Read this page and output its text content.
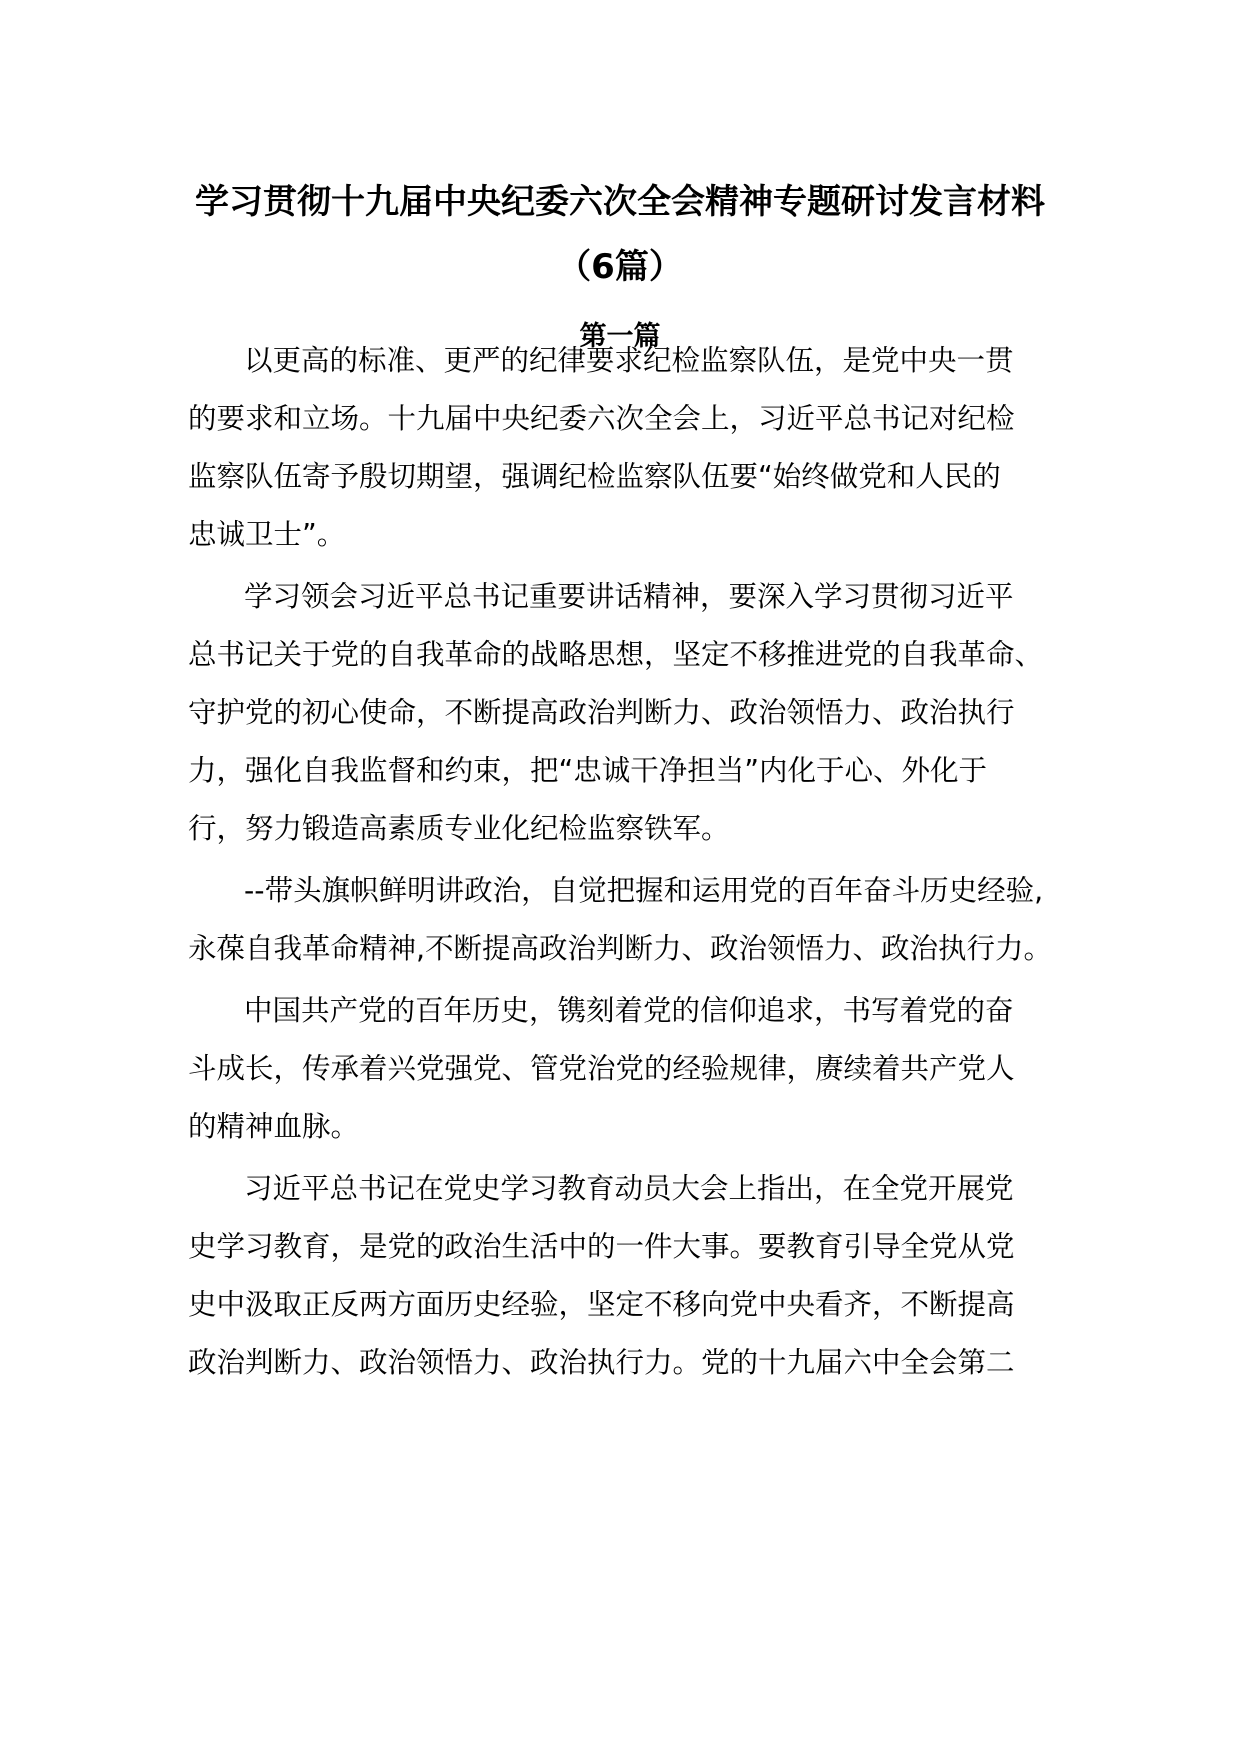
学习贯彻十九届中央纪委六次全会精神专题研讨发言材料
（6篇）
第一篇
以更高的标准、更严的纪律要求纪检监察队伍，是党中央一贯
的要求和立场。十九届中央纪委六次全会上，习近平总书记对纪检
监察队伍寄予殷切期望，强调纪检监察队伍要“始终做党和人民的
忠诚卫士”。
学习领会习近平总书记重要讲话精神，要深入学习贯彻习近平
总书记关于党的自我革命的战略思想，坚定不移推进党的自我革命、
守护党的初心使命，不断提高政治判断力、政治领悟力、政治执行
力，强化自我监督和约束，把“忠诚干净担当”内化于心、外化于
行，努力锻造高素质专业化纪检监察铁军。
--带头旗帜鲜明讲政治，自觉把握和运用党的百年奋斗历史经验,
永葆自我革命精神,不断提高政治判断力、政治领悟力、政治执行力。
中国共产党的百年历史，镌刻着党的信仰追求，书写着党的奋
斗成长，传承着兴党强党、管党治党的经验规律，赓续着共产党人
的精神血脉。
习近平总书记在党史学习教育动员大会上指出，在全党开展党
史学习教育，是党的政治生活中的一件大事。要教育引导全党从党
史中汲取正反两方面历史经验，坚定不移向党中央看齐，不断提高
政治判断力、政治领悟力、政治执行力。党的十九届六中全会第二
